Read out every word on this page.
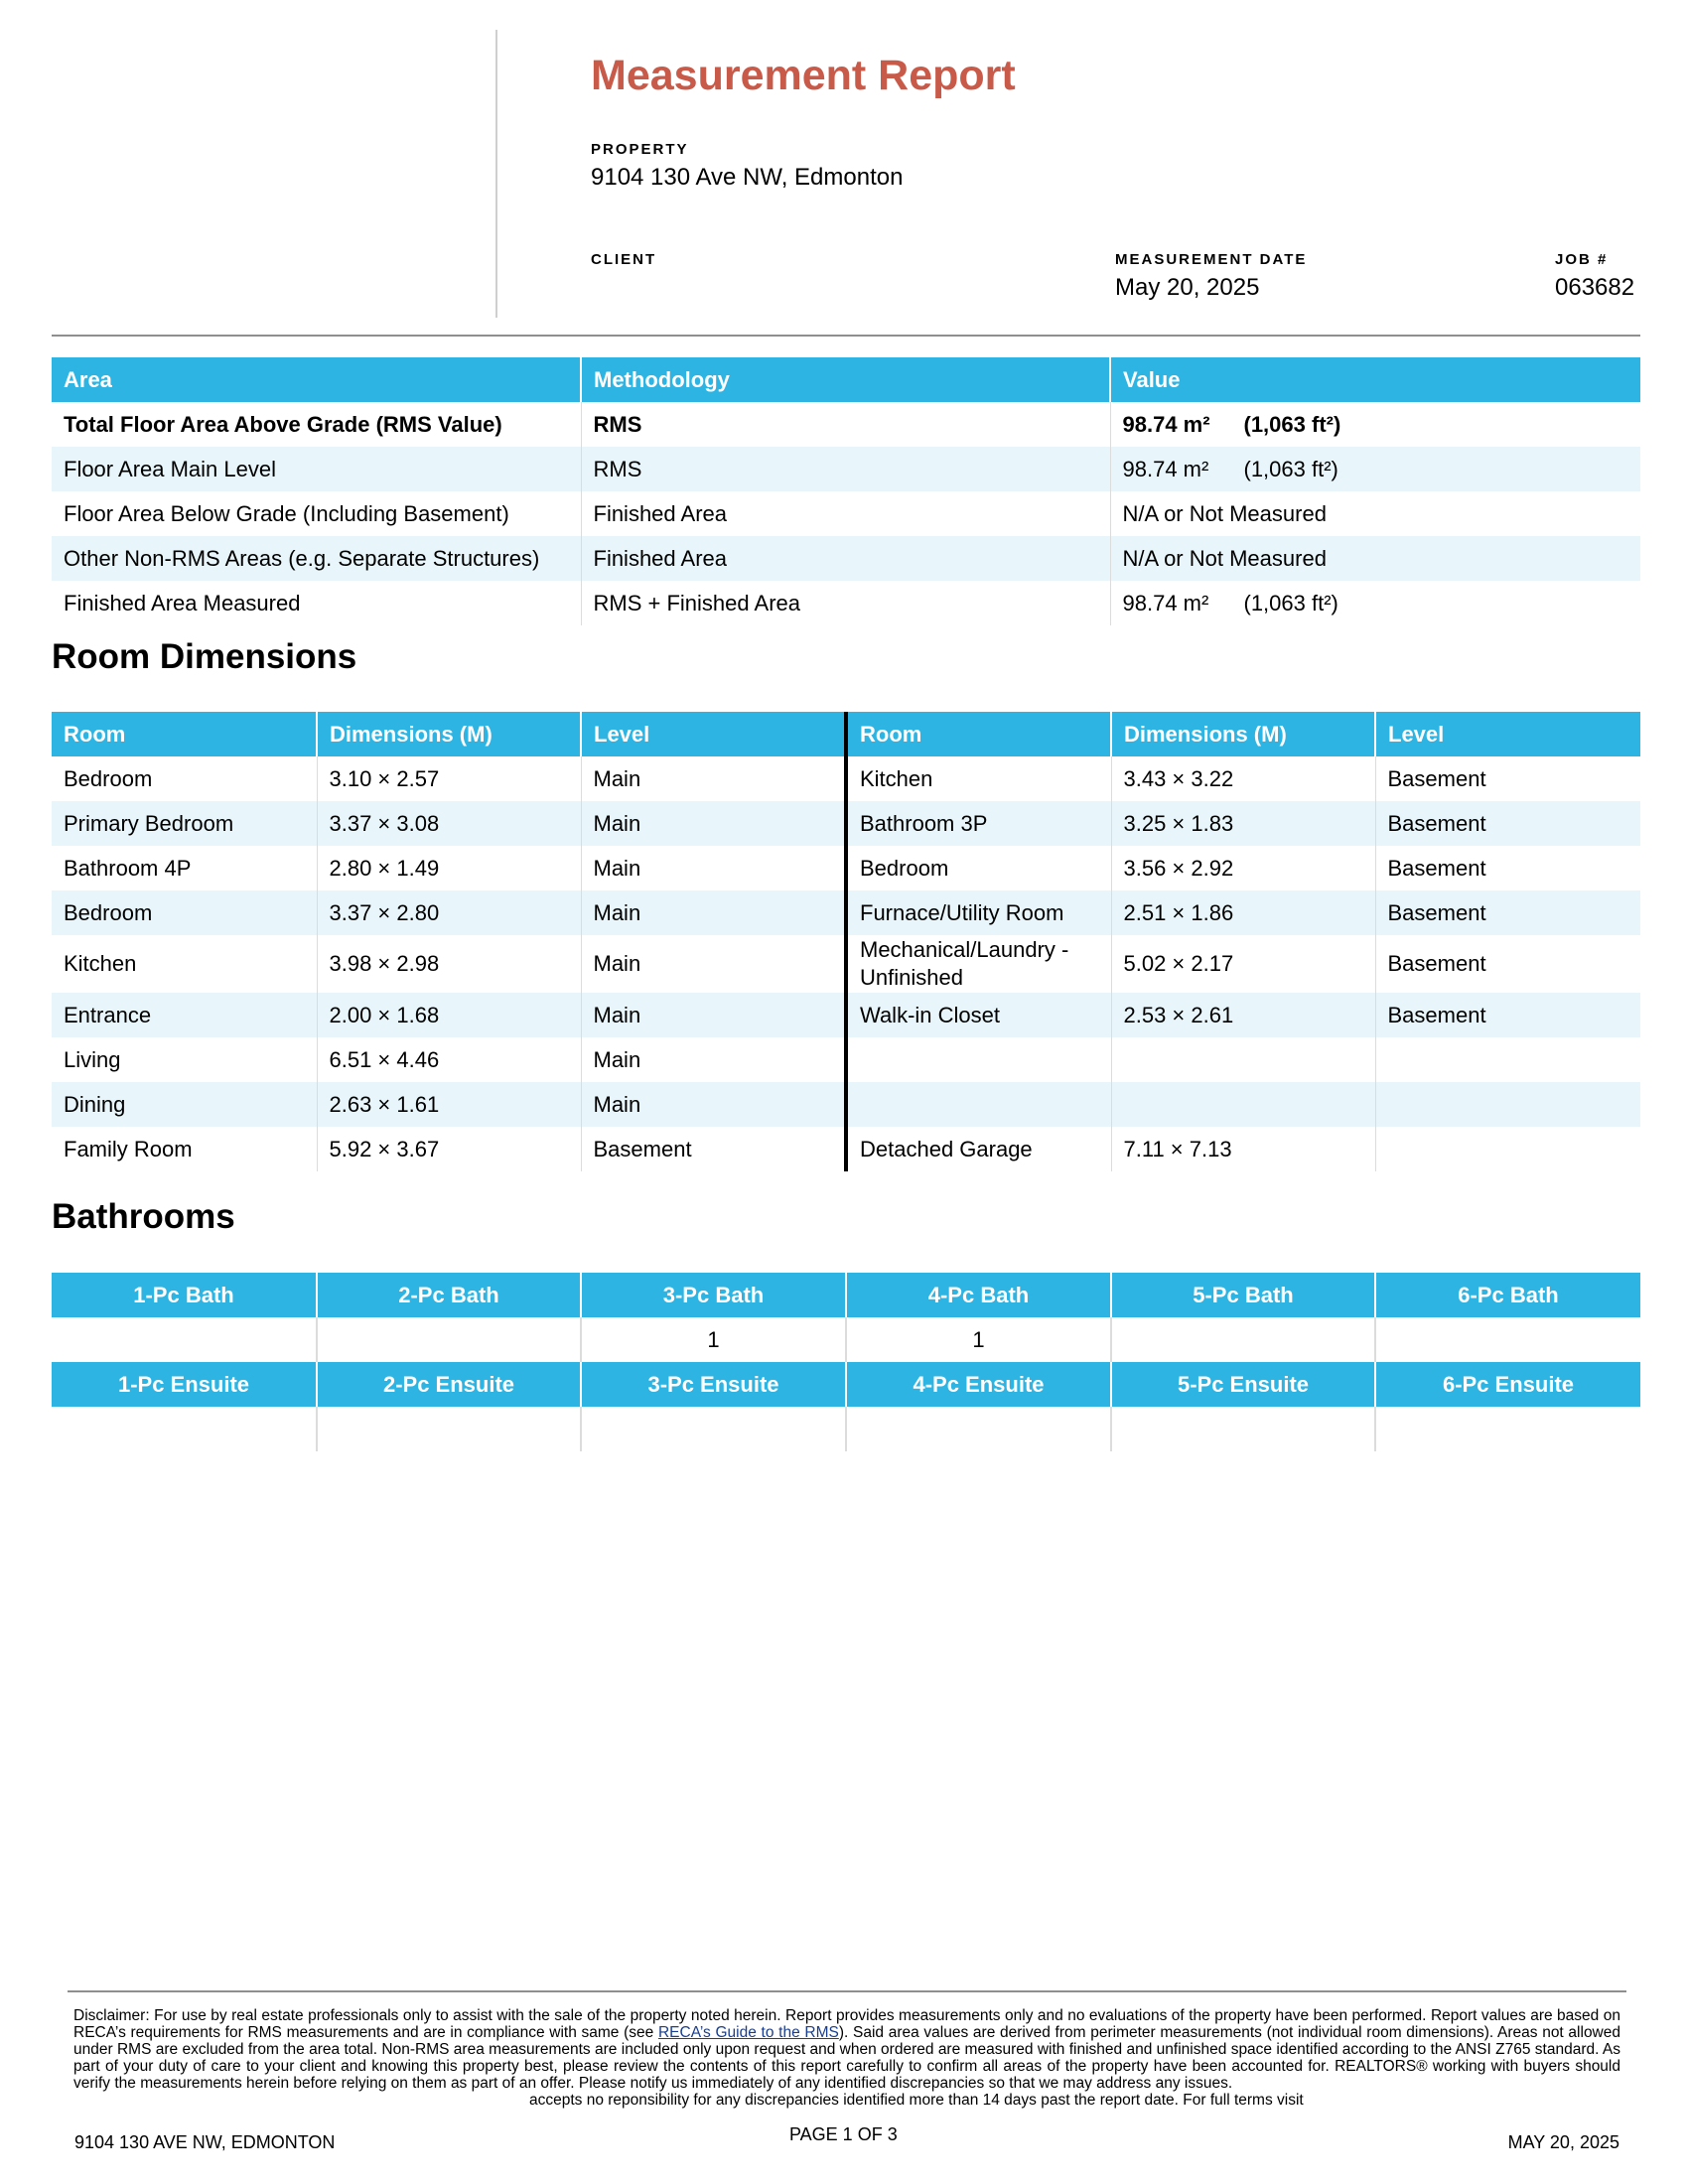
Measurement Report
PROPERTY
9104 130 Ave NW, Edmonton
CLIENT	MEASUREMENT DATE
May 20, 2025
JOB #
063682
Area	Methodology	Value
Total Floor Area Above Grade (RMS Value)	RMS	98.74 m² (1,063 ft²)
Floor Area Main Level	RMS	98.74 m² (1,063 ft²)
Floor Area Below Grade (Including Basement)	Finished Area	N/A or Not Measured
Other Non-RMS Areas (e.g. Separate Structures)	Finished Area	N/A or Not Measured
Finished Area Measured	RMS + Finished Area	98.74 m² (1,063 ft²)
Room Dimensions
Room	Dimensions (M)	Level	Room	Dimensions (M)	Level
Bedroom	3.10 × 2.57	Main	Kitchen	3.43 × 3.22	Basement
Primary Bedroom	3.37 × 3.08	Main	Bathroom 3P	3.25 × 1.83	Basement
Bathroom 4P	2.80 × 1.49	Main	Bedroom	3.56 × 2.92	Basement
Bedroom	3.37 × 2.80	Main	Furnace/Utility Room	2.51 × 1.86	Basement
Kitchen	3.98 × 2.98	Main	Mechanical/Laundry - Unfinished	5.02 × 2.17	Basement
Entrance	2.00 × 1.68	Main	Walk-in Closet	2.53 × 2.61	Basement
Living	6.51 × 4.46	Main			
Dining	2.63 × 1.61	Main			
Family Room	5.92 × 3.67	Basement	Detached Garage	7.11 × 7.13	
Bathrooms
1-Pc Bath	2-Pc Bath	3-Pc Bath	4-Pc Bath	5-Pc Bath	6-Pc Bath
		1	1		
1-Pc Ensuite	2-Pc Ensuite	3-Pc Ensuite	4-Pc Ensuite	5-Pc Ensuite	6-Pc Ensuite

Disclaimer: For use by real estate professionals only to assist with the sale of the property noted herein. Report provides measurements only and no evaluations of the property have been performed. Report values are based on RECA’s requirements for RMS measurements and are in compliance with same (see RECA’s Guide to the RMS). Said area values are derived from perimeter measurements (not individual room dimensions). Areas not allowed under RMS are excluded from the area total. Non-RMS area measurements are included only upon request and when ordered are measured with finished and unfinished space identified according to the ANSI Z765 standard. As part of your duty of care to your client and knowing this property best, please review the contents of this report carefully to confirm all areas of the property have been accounted for. REALTORS® working with buyers should verify the measurements herein before relying on them as part of an offer. Please notify us immediately of any identified discrepancies so that we may address any issues.
accepts no reponsibility for any discrepancies identified more than 14 days past the report date. For full terms visit
9104 130 AVE NW, EDMONTON	PAGE 1 OF 3	MAY 20, 2025
